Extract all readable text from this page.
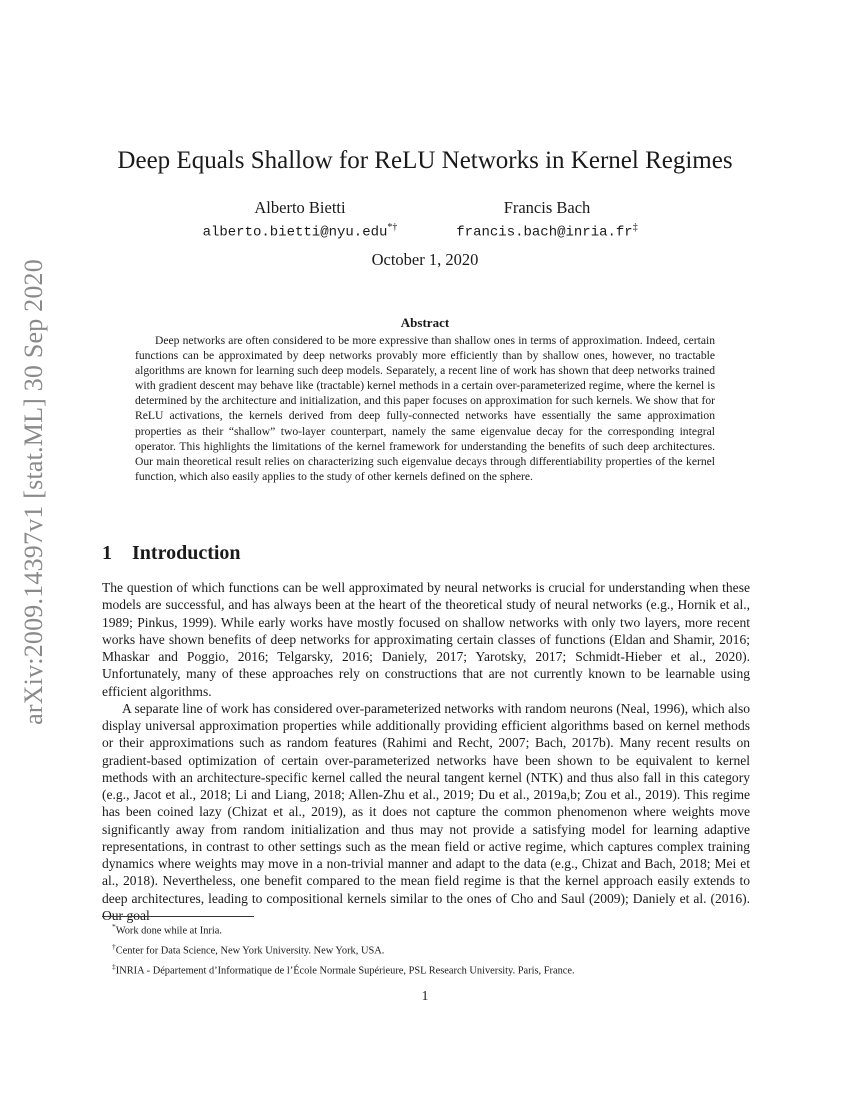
arXiv:2009.14397v1 [stat.ML] 30 Sep 2020
Deep Equals Shallow for ReLU Networks in Kernel Regimes
Alberto Bietti
alberto.bietti@nyu.edu*†
Francis Bach
francis.bach@inria.fr‡
October 1, 2020
Abstract
Deep networks are often considered to be more expressive than shallow ones in terms of approximation. Indeed, certain functions can be approximated by deep networks provably more efficiently than by shallow ones, however, no tractable algorithms are known for learning such deep models. Separately, a recent line of work has shown that deep networks trained with gradient descent may behave like (tractable) kernel methods in a certain over-parameterized regime, where the kernel is determined by the architecture and initialization, and this paper focuses on approximation for such kernels. We show that for ReLU activations, the kernels derived from deep fully-connected networks have essentially the same approximation properties as their “shallow” two-layer counterpart, namely the same eigenvalue decay for the corresponding integral operator. This highlights the limitations of the kernel framework for understanding the benefits of such deep architectures. Our main theoretical result relies on characterizing such eigenvalue decays through differentiability properties of the kernel function, which also easily applies to the study of other kernels defined on the sphere.
1 Introduction

The question of which functions can be well approximated by neural networks is crucial for understanding when these models are successful, and has always been at the heart of the theoretical study of neural networks (e.g., Hornik et al., 1989; Pinkus, 1999). While early works have mostly focused on shallow networks with only two layers, more recent works have shown benefits of deep networks for approximating certain classes of functions (Eldan and Shamir, 2016; Mhaskar and Poggio, 2016; Telgarsky, 2016; Daniely, 2017; Yarotsky, 2017; Schmidt-Hieber et al., 2020). Unfortunately, many of these approaches rely on constructions that are not currently known to be learnable using efficient algorithms.

A separate line of work has considered over-parameterized networks with random neurons (Neal, 1996), which also display universal approximation properties while additionally providing efficient algorithms based on kernel methods or their approximations such as random features (Rahimi and Recht, 2007; Bach, 2017b). Many recent results on gradient-based optimization of certain over-parameterized networks have been shown to be equivalent to kernel methods with an architecture-specific kernel called the neural tangent kernel (NTK) and thus also fall in this category (e.g., Jacot et al., 2018; Li and Liang, 2018; Allen-Zhu et al., 2019; Du et al., 2019a,b; Zou et al., 2019). This regime has been coined lazy (Chizat et al., 2019), as it does not capture the common phenomenon where weights move significantly away from random initialization and thus may not provide a satisfying model for learning adaptive representations, in contrast to other settings such as the mean field or active regime, which captures complex training dynamics where weights may move in a non-trivial manner and adapt to the data (e.g., Chizat and Bach, 2018; Mei et al., 2018). Nevertheless, one benefit compared to the mean field regime is that the kernel approach easily extends to deep architectures, leading to compositional kernels similar to the ones of Cho and Saul (2009); Daniely et al. (2016). Our goal

*Work done while at Inria.
†Center for Data Science, New York University. New York, USA.
‡INRIA - Département d’Informatique de l’École Normale Supérieure, PSL Research University. Paris, France.
1
